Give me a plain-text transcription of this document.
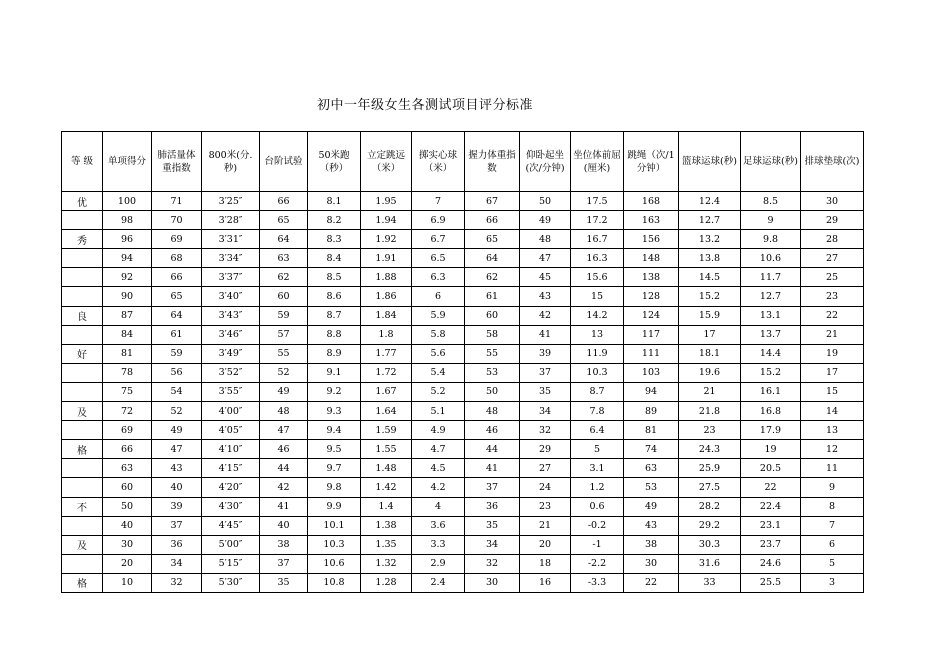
初中一年级女生各测试项目评分标准
等 级	单项得分	肺活量体重指数	800米(分.秒)	台阶试验	50米跑（秒）	立定跳远（米）	掷实心球（米）	握力体重指数	仰卧起坐(次/分钟)	坐位体前屈(厘米)	跳绳（次/1分钟）	篮球运球(秒)	足球运球(秒)	排球垫球(次)
优	100	71	3′25″	66	8.1	1.95	7	67	50	17.5	168	12.4	8.5	30
	98	70	3′28″	65	8.2	1.94	6.9	66	49	17.2	163	12.7	9	29
秀	96	69	3′31″	64	8.3	1.92	6.7	65	48	16.7	156	13.2	9.8	28
	94	68	3′34″	63	8.4	1.91	6.5	64	47	16.3	148	13.8	10.6	27
	92	66	3′37″	62	8.5	1.88	6.3	62	45	15.6	138	14.5	11.7	25
	90	65	3′40″	60	8.6	1.86	6	61	43	15	128	15.2	12.7	23
良	87	64	3′43″	59	8.7	1.84	5.9	60	42	14.2	124	15.9	13.1	22
	84	61	3′46″	57	8.8	1.8	5.8	58	41	13	117	17	13.7	21
好	81	59	3′49″	55	8.9	1.77	5.6	55	39	11.9	111	18.1	14.4	19
	78	56	3′52″	52	9.1	1.72	5.4	53	37	10.3	103	19.6	15.2	17
	75	54	3′55″	49	9.2	1.67	5.2	50	35	8.7	94	21	16.1	15
及	72	52	4′00″	48	9.3	1.64	5.1	48	34	7.8	89	21.8	16.8	14
	69	49	4′05″	47	9.4	1.59	4.9	46	32	6.4	81	23	17.9	13
格	66	47	4′10″	46	9.5	1.55	4.7	44	29	5	74	24.3	19	12
	63	43	4′15″	44	9.7	1.48	4.5	41	27	3.1	63	25.9	20.5	11
	60	40	4′20″	42	9.8	1.42	4.2	37	24	1.2	53	27.5	22	9
不	50	39	4′30″	41	9.9	1.4	4	36	23	0.6	49	28.2	22.4	8
	40	37	4′45″	40	10.1	1.38	3.6	35	21	-0.2	43	29.2	23.1	7
及	30	36	5′00″	38	10.3	1.35	3.3	34	20	-1	38	30.3	23.7	6
	20	34	5′15″	37	10.6	1.32	2.9	32	18	-2.2	30	31.6	24.6	5
格	10	32	5′30″	35	10.8	1.28	2.4	30	16	-3.3	22	33	25.5	3
